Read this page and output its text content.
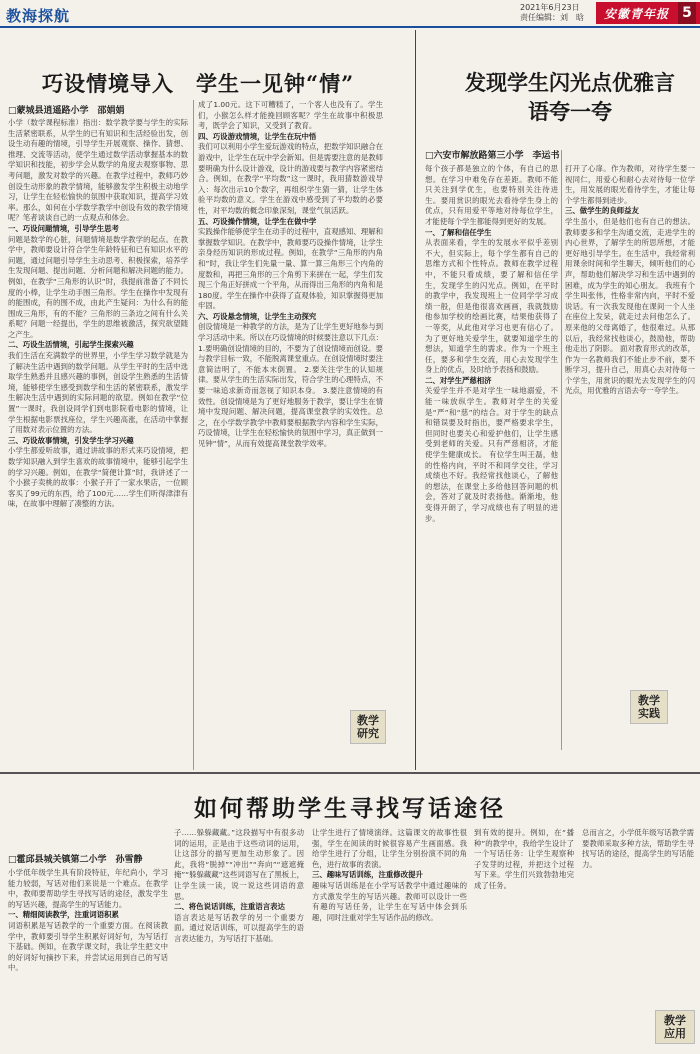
教海探航	2021年6月23日
责任编辑：刘　晗	安徽青年报 5
巧设情境导入　学生一见钟“情”
□蒙城县逍遥路小学　邵娟娟
小学（数学课程标准）指出：数学教学要与学生的实际生活紧密联系，从学生的已有知识和生活经验出发，创设生动有趣的情境，引导学生开展观察、操作、猜想、推理、交流等活动，使学生通过数学活动掌握基本的数学知识和技能，初步学会从数学的角度去观察事物、思考问题，激发对数学的兴趣。在教学过程中，教师巧妙创设生动形象的教学情境，能够激发学生积极主动地学习，让学生在轻松愉快的氛围中获取知识，提高学习效率。那么，如何在小学数学教学中创设有效的教学情境呢？笔者谈谈自己的一点观点和体会。
一、巧设问题情境，引导学生思考
问题是数学的心脏，问题情境是数学教学的起点。在教学中，教师要设计符合学生年龄特征和已有知识水平的问题，通过问题引导学生主动思考、积极探索，培养学生发现问题、提出问题、分析问题和解决问题的能力。例如，在教学“三角形的认识”时，我提前准备了不同长度的小棒，让学生动手围三角形。学生在操作中发现有的能围成，有的围不成，由此产生疑问：为什么有的能围成三角形，有的不能？三角形的三条边之间有什么关系呢？问题一经提出，学生的思维被激活，探究欲望随之产生。
二、巧设生活情境，引起学生探索兴趣
我们生活在充满数学的世界里，小学生学习数学就是为了解决生活中遇到的数学问题。从学生平时的生活中选取学生熟悉并且感兴趣的事例，创设学生熟悉的生活情境，能够使学生感受到数学和生活的紧密联系，激发学生解决生活中遇到的实际问题的欲望。例如在教学“位置”一课时，我创设同学们到电影院看电影的情境，让学生根据电影票找座位，学生兴趣高涨，在活动中掌握了用数对表示位置的方法。
三、巧设故事情境，引发学生学习兴趣
小学生都爱听故事，通过讲故事的形式来巧设情境，把数学知识融入到学生喜欢的故事情境中，能够引起学生的学习兴趣。例如，在教学“简便计算”时，我讲述了一个小猴子卖桃的故事：小猴子开了一家水果店，一位顾客买了99元的东西，给了100元……学生们听得津津有味，在故事中理解了凑整的方法。
成了1.00元。这下可糟糕了，一个客人也没有了。学生们，小猴怎么样才能挽回顾客呢？学生在故事中积极思考，既学会了知识，又受到了教育。
四、巧设游戏情境，让学生在玩中悟
我们可以利用小学生爱玩游戏的特点，把数学知识融合在游戏中，让学生在玩中学会新知。但是需要注意的是教师要明确为什么设计游戏，设计的游戏要与教学内容紧密结合。例如，在教学“平均数”这一课时，我用猜数游戏导入：每次出示10个数字，再组织学生猜一猜，让学生体验平均数的意义。学生在游戏中感受到了平均数的必要性，对平均数的概念印象深刻，课堂气氛活跃。
五、巧设操作情境，让学生在做中学
实践操作能够使学生在动手的过程中，直观感知、理解和掌握数学知识。在教学中，教师要巧设操作情境，让学生亲身经历知识的形成过程。例如，在教学“三角形的内角和”时，我让学生们先量一量、算一算三角形三个内角的度数和，再把三角形的三个角剪下来拼在一起，学生们发现三个角正好拼成一个平角，从而得出三角形的内角和是180度。学生在操作中获得了直观体验，知识掌握得更加牢固。
六、巧设悬念情境，让学生主动探究
创设情境是一种教学的方法，是为了让学生更好地参与到学习活动中来。所以在巧设情境的时候要注意以下几点： 1.要明确创设情境的目的，不要为了创设情境而创设。要与教学目标一致，不能脱离课堂重点。在创设情境时要注意简洁明了，不能本末倒置。 2.要关注学生的认知规律。要从学生的生活实际出发，符合学生的心理特点，不要一味追求新奇而忽视了知识本身。 3.要注意情境的有效性。创设情境是为了更好地服务于教学，要让学生在情境中发现问题、解决问题，提高课堂教学的实效性。总之，在小学数学教学中教师要根据教学内容和学生实际，巧设情境，让学生在轻松愉快的氛围中学习，真正做到一见钟“情”，从而有效提高课堂教学效率。
教学研究
发现学生闪光点优雅言语夸一夸
□六安市解放路第三小学　李运书
每个孩子都是独立的个体，有自己的思想。在学习中难免存在差距。教师不能只关注到学优生，也要特别关注待进生。要用赏识的眼光去看待学生身上的优点，只有用爱平等地对待每位学生，才能使每个学生都能得到更好的发展。
一、了解和信任学生
从表面来看，学生的发展水平似乎差别不大，但实际上，每个学生都有自己的思维方式和个性特点。教师在教学过程中，不能只看成绩，要了解和信任学生，发现学生的闪光点。例如，在平时的教学中，我发现班上一位同学学习成绩一般，但是他很喜欢画画，我就鼓励他参加学校的绘画比赛，结果他获得了一等奖，从此他对学习也更有信心了。 为了更好地关爱学生，就要知道学生的想法，知道学生的需求。作为一个班主任，要多和学生交流，用心去发现学生身上的优点，及时给予表扬和鼓励。
二、对学生严慈相济
关爱学生并不是对学生一味地溺爱，不能一味放纵学生。教师对学生的关爱是“严”和“慈”的结合。对于学生的缺点和错误要及时指出，要严格要求学生，但同时也要关心和爱护他们，让学生感受到老师的关爱。只有严慈相济，才能使学生健康成长。 有位学生叫王磊，他的性格内向，平时不和同学交往，学习成绩也不好。我经常找他谈心，了解他的想法，在课堂上多给他回答问题的机会，答对了就及时表扬他。渐渐地，他变得开朗了，学习成绩也有了明显的进步。
打开了心扉。作为教师，对待学生要一视同仁，用爱心和耐心去对待每一位学生，用发展的眼光看待学生，才能让每个学生都得到进步。
三、做学生的良师益友
学生虽小，但是他们也有自己的想法。教师要多和学生沟通交流，走进学生的内心世界，了解学生的所思所想，才能更好地引导学生。在生活中，我经常利用课余时间和学生聊天，倾听他们的心声，帮助他们解决学习和生活中遇到的困难，成为学生的知心朋友。 我班有个学生叫张伟，性格非常内向，平时不爱说话。有一次我发现他在课间一个人坐在座位上发呆，就走过去问他怎么了。原来他的父母离婚了，他很难过。从那以后，我经常找他谈心，鼓励他，帮助他走出了阴影。 面对教育形式的改革，作为一名教师我们不能止步不前，要不断学习，提升自己，用真心去对待每一个学生，用赏识的眼光去发现学生的闪光点，用优雅的言语去夸一夸学生。
教学实践
如何帮助学生寻找写话途径
□霍邱县城关镇第二小学　孙雪静
小学低年级学生具有阶段特征，年纪尚小，学习能力较弱，写话对他们来说是一个难点。在教学中，教师要帮助学生寻找写话的途径，激发学生的写话兴趣，提高学生的写话能力。
一、精细阅读教学，注重词语积累
词语积累是写话教学的一个重要方面。在阅读教学中，教师要引导学生积累好词好句，为写话打下基础。例如，在教学课文时，我让学生把文中的好词好句摘抄下来，并尝试运用到自己的写话中。
子……躲躲藏藏。”这段描写中有很多动词的运用，正是由于这些动词的运用，让这部分的描写更加生动形象了。因此，我将“脱掉”“冲出”“奔向”“遮遮掩掩”“躲躲藏藏”这些词语写在了黑板上，让学生读一读，说一说这些词语的意思。
二、将色说话训练，注重语言表达
语言表达是写话教学的另一个重要方面。通过说话训练，可以提高学生的语言表达能力，为写话打下基础。
让学生进行了情境演绎。这篇课文的故事性很强，学生在阅读的时候很容易产生画面感。我给学生进行了分组，让学生分别扮演不同的角色，进行故事的表演。
三、趣味写话训练，注重修改提升
趣味写话训练是在小学写话教学中通过趣味的方式激发学生的写话兴趣。教师可以设计一些有趣的写话任务，让学生在写话中体会到乐趣，同时注重对学生写话作品的修改。
到有效的提升。例如，在“播种”的教学中，我给学生设计了一个写话任务：让学生观察种子发芽的过程，并把这个过程写下来。学生们兴致勃勃地完成了任务。
总而言之，小学低年级写话教学需要教师采取多种方法，帮助学生寻找写话的途径，提高学生的写话能力。
教学应用
